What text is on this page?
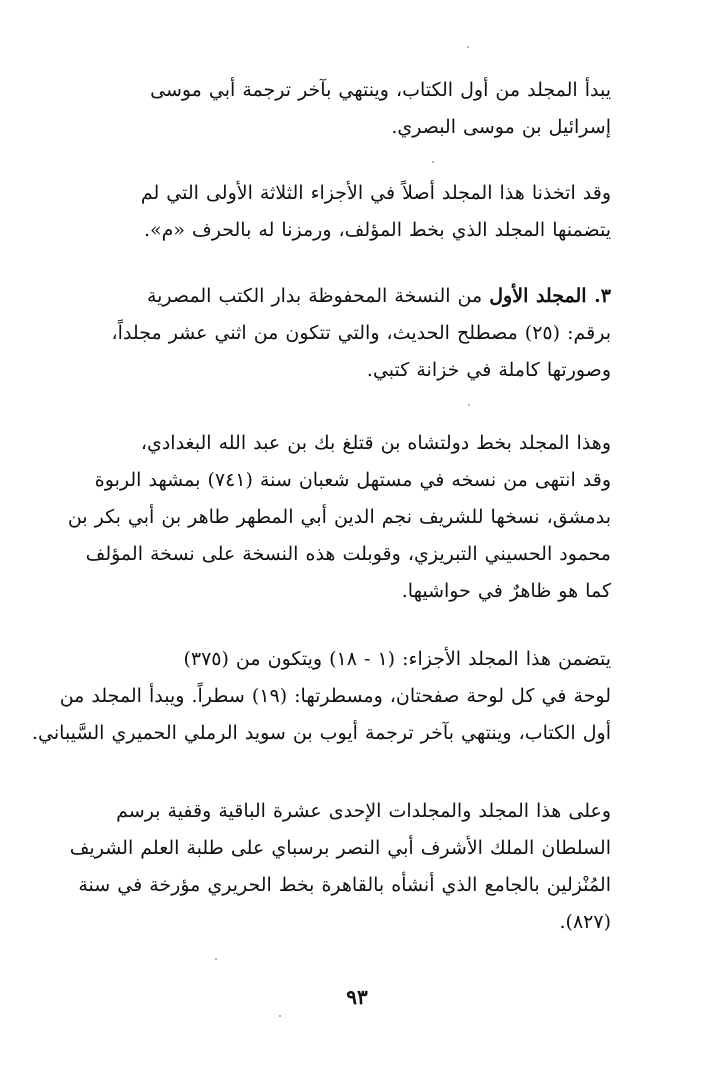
يبدأ المجلد من أول الكتاب، وينتهي بآخر ترجمة أبي موسى
إسرائيل بن موسى البصري.
وقد اتخذنا هذا المجلد أصلاً في الأجزاء الثلاثة الأولى التي لم
يتضمنها المجلد الذي بخط المؤلف، ورمزنا له بالحرف «م».
٣. المجلد الأول من النسخة المحفوظة بدار الكتب المصرية
برقم: (٢٥) مصطلح الحديث، والتي تتكون من اثني عشر مجلداً،
وصورتها كاملة في خزانة كتبي.
وهذا المجلد بخط دولتشاه بن قتلغ بك بن عبد الله البغدادي،
وقد انتهى من نسخه في مستهل شعبان سنة (٧٤١) بمشهد الربوة
بدمشق، نسخها للشريف نجم الدين أبي المطهر طاهر بن أبي بكر بن
محمود الحسيني التبريزي، وقوبلت هذه النسخة على نسخة المؤلف
كما هو ظاهرٌ في حواشيها.
يتضمن هذا المجلد الأجزاء: (١ - ١٨) ويتكون من (٣٧٥)
لوحة في كل لوحة صفحتان، ومسطرتها: (١٩) سطراً. ويبدأ المجلد من
أول الكتاب، وينتهي بآخر ترجمة أيوب بن سويد الرملي الحميري السَّيباني.
وعلى هذا المجلد والمجلدات الإحدى عشرة الباقية وقفية برسم
السلطان الملك الأشرف أبي النصر برسباي على طلبة العلم الشريف
المُنْزلين بالجامع الذي أنشأه بالقاهرة بخط الحريري مؤرخة في سنة
(٨٢٧).
٩٣
